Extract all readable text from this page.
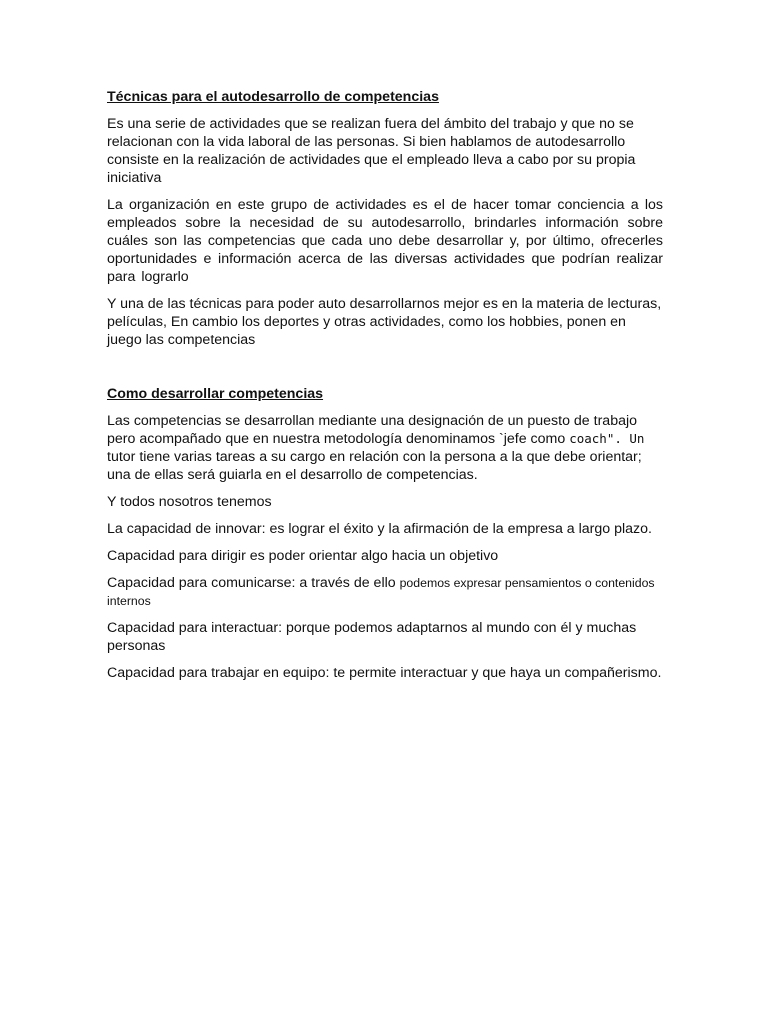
Técnicas para el autodesarrollo de competencias

Es una serie de actividades que se realizan fuera del ámbito del trabajo y que no se relacionan con la vida laboral de las personas. Si bien hablamos de autodesarrollo consiste en la realización de actividades que el empleado lleva a cabo por su propia iniciativa

La organización en este grupo de actividades es el de hacer tomar conciencia a los empleados sobre la necesidad de su autodesarrollo, brindarles información sobre cuáles son las competencias que cada uno debe desarrollar y, por último, ofrecerles oportunidades e información acerca de las diversas actividades que podrían realizar para lograrlo

Y una de las técnicas para poder auto desarrollarnos mejor es en la materia de lecturas, películas, En cambio los deportes y otras actividades, como los hobbies, ponen en juego las competencias

Como desarrollar competencias

Las competencias se desarrollan mediante una designación de un puesto de trabajo pero acompañado que en nuestra metodología denominamos `jefe como coach". Un tutor tiene varias tareas a su cargo en relación con la persona a la que debe orientar; una de ellas será guiarla en el desarrollo de competencias.

Y todos nosotros tenemos

La capacidad de innovar: es lograr el éxito y la afirmación de la empresa a largo plazo.

Capacidad para dirigir es poder orientar algo hacia un objetivo

Capacidad para comunicarse: a través de ello podemos expresar pensamientos o contenidos internos

Capacidad para interactuar: porque podemos adaptarnos al mundo con él y muchas personas

Capacidad para trabajar en equipo: te permite interactuar y que haya un compañerismo.
